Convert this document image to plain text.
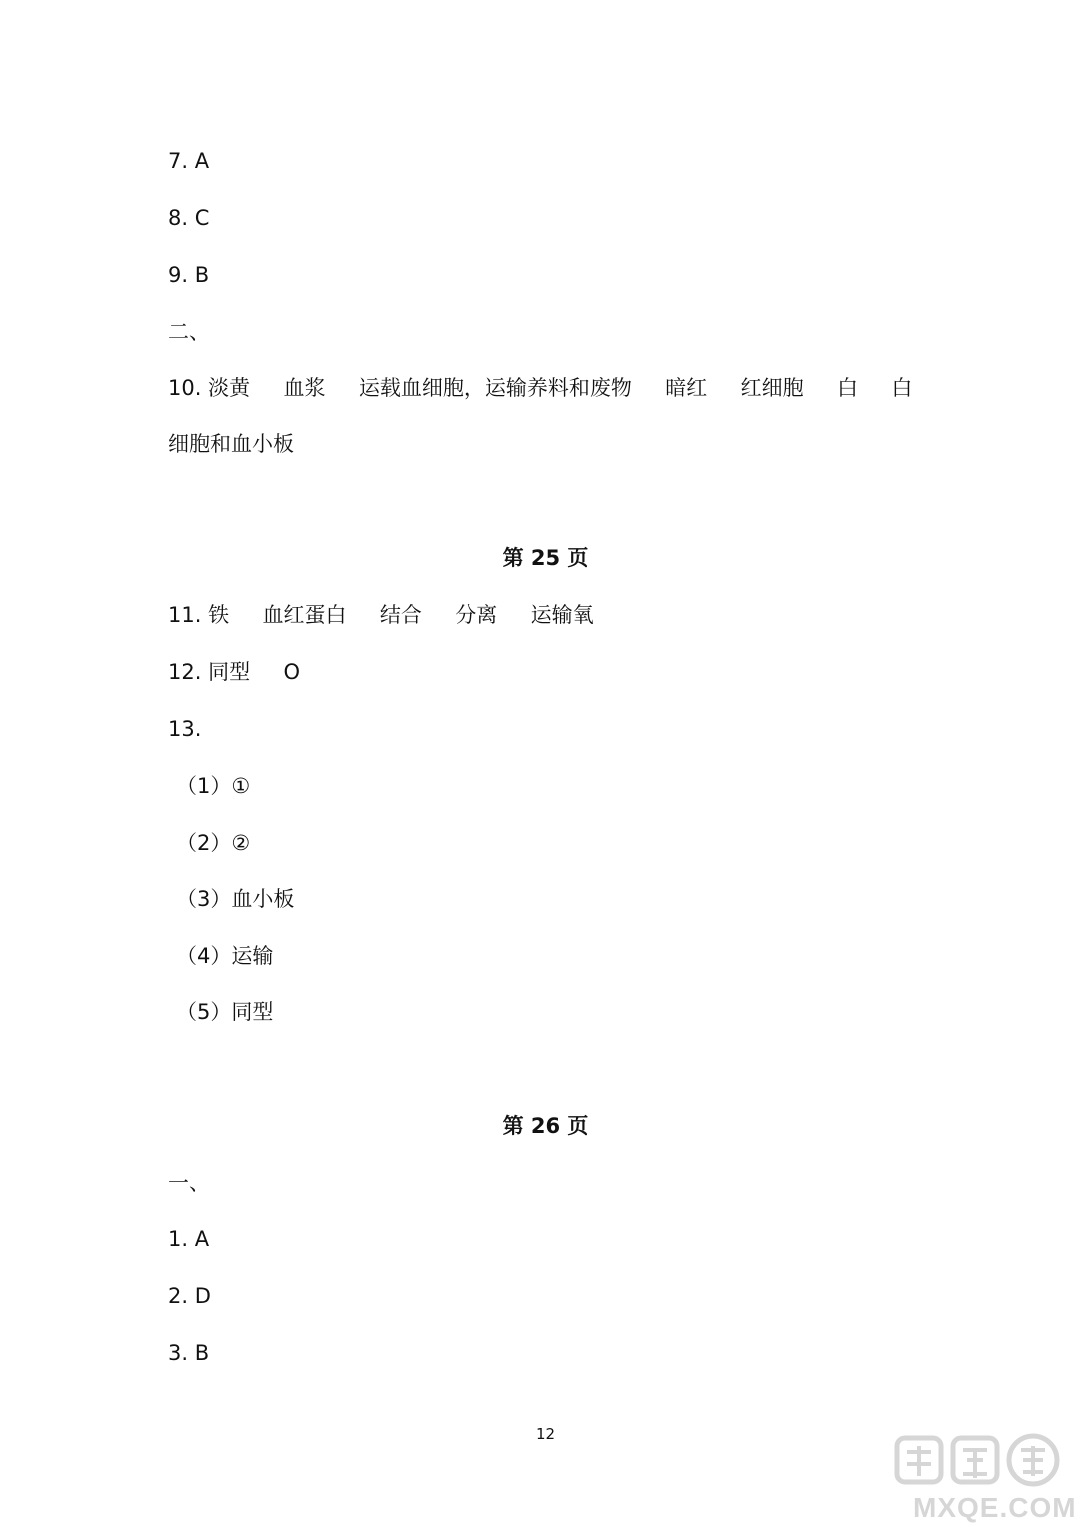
7. A
8. C
9. B
二、
10. 淡黄     血浆     运载血细胞，运输养料和废物     暗红     红细胞     白     白
细胞和血小板
第 25 页
11. 铁     血红蛋白     结合     分离     运输氧
12. 同型     O
13.
（1）①
（2）②
（3）血小板
（4）运输
（5）同型
第 26 页
一、
1. A
2. D
3. B
12
MXQE.COM
